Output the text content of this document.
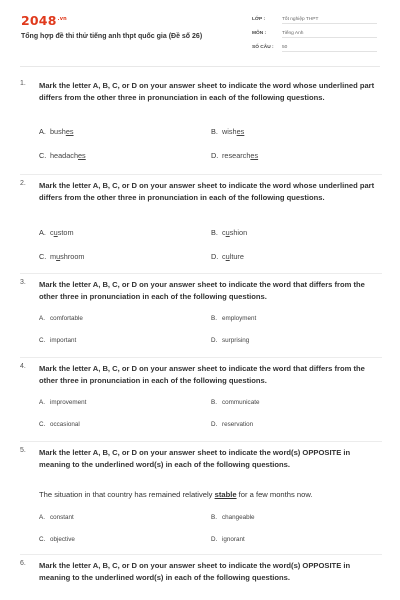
$2048^{.vn}$
Tổng hợp đề thi thử tiếng anh thpt quốc gia (Đề số 26)
LỚP :	Tốt nghiệp THPT
MÔN :	Tiếng Anh
SỐ CÂU : 50
1. Mark the letter A, B, C, or D on your answer sheet to indicate the word whose underlined part differs from the other three in pronunciation in each of the following questions.
A. bushes	B. wishes
C. headaches	D. researches
2. Mark the letter A, B, C, or D on your answer sheet to indicate the word whose underlined part differs from the other three in pronunciation in each of the following questions.
A. custom	B. cushion
C. mushroom	D. culture
3. Mark the letter A, B, C, or D on your answer sheet to indicate the word that differs from the other three in pronunciation in each of the following questions.
A. comfortable	B. employment
C. important	D. surprising
4. Mark the letter A, B, C, or D on your answer sheet to indicate the word that differs from the other three in pronunciation in each of the following questions.
A. improvement	B. communicate
C. occasional	D. reservation
5. Mark the letter A, B, C, or D on your answer sheet to indicate the word(s) OPPOSITE in meaning to the underlined word(s) in each of the following questions.
The situation in that country has remained relatively stable for a few months now.
A. constant	B. changeable
C. objective	D. ignorant
6. Mark the letter A, B, C, or D on your answer sheet to indicate the word(s) OPPOSITE in meaning to the underlined word(s) in each of the following questions.
